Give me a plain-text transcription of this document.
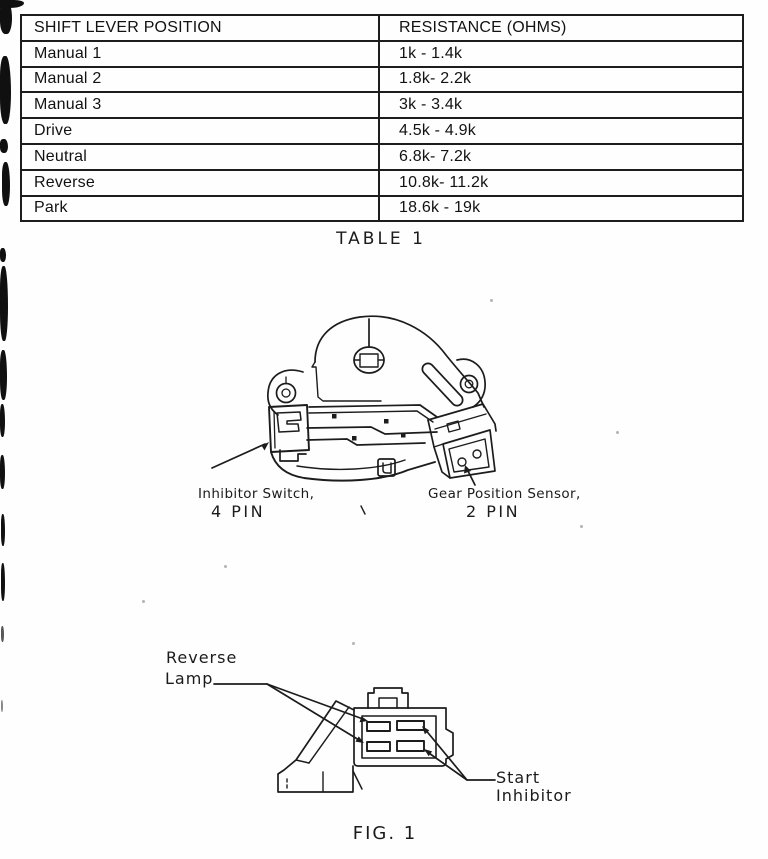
SHIFT LEVER POSITION	RESISTANCE (OHMS)
Manual 1	1k - 1.4k
Manual 2	1.8k- 2.2k
Manual 3	3k - 3.4k
Drive	4.5k - 4.9k
Neutral	6.8k- 7.2k
Reverse	10.8k- 11.2k
Park	18.6k - 19k
TABLE 1
Inhibitor Switch,
4 PIN
Gear Position Sensor,
2 PIN
Reverse
Lamp
Start
Inhibitor
FIG. 1
